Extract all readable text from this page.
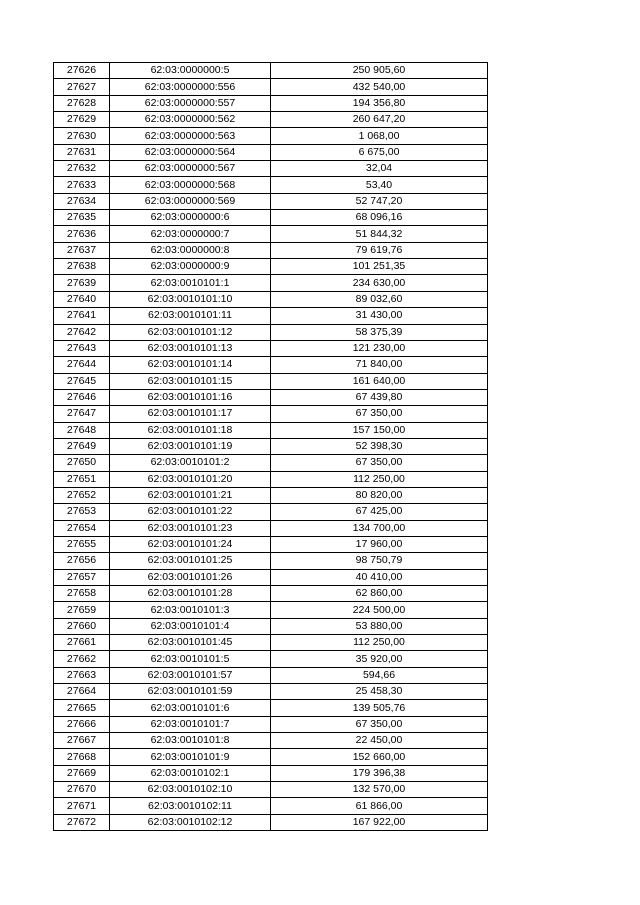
27626	62:03:0000000:5	250 905,60
27627	62:03:0000000:556	432 540,00
27628	62:03:0000000:557	194 356,80
27629	62:03:0000000:562	260 647,20
27630	62:03:0000000:563	1 068,00
27631	62:03:0000000:564	6 675,00
27632	62:03:0000000:567	32,04
27633	62:03:0000000:568	53,40
27634	62:03:0000000:569	52 747,20
27635	62:03:0000000:6	68 096,16
27636	62:03:0000000:7	51 844,32
27637	62:03:0000000:8	79 619,76
27638	62:03:0000000:9	101 251,35
27639	62:03:0010101:1	234 630,00
27640	62:03:0010101:10	89 032,60
27641	62:03:0010101:11	31 430,00
27642	62:03:0010101:12	58 375,39
27643	62:03:0010101:13	121 230,00
27644	62:03:0010101:14	71 840,00
27645	62:03:0010101:15	161 640,00
27646	62:03:0010101:16	67 439,80
27647	62:03:0010101:17	67 350,00
27648	62:03:0010101:18	157 150,00
27649	62:03:0010101:19	52 398,30
27650	62:03:0010101:2	67 350,00
27651	62:03:0010101:20	112 250,00
27652	62:03:0010101:21	80 820,00
27653	62:03:0010101:22	67 425,00
27654	62:03:0010101:23	134 700,00
27655	62:03:0010101:24	17 960,00
27656	62:03:0010101:25	98 750,79
27657	62:03:0010101:26	40 410,00
27658	62:03:0010101:28	62 860,00
27659	62:03:0010101:3	224 500,00
27660	62:03:0010101:4	53 880,00
27661	62:03:0010101:45	112 250,00
27662	62:03:0010101:5	35 920,00
27663	62:03:0010101:57	594,66
27664	62:03:0010101:59	25 458,30
27665	62:03:0010101:6	139 505,76
27666	62:03:0010101:7	67 350,00
27667	62:03:0010101:8	22 450,00
27668	62:03:0010101:9	152 660,00
27669	62:03:0010102:1	179 396,38
27670	62:03:0010102:10	132 570,00
27671	62:03:0010102:11	61 866,00
27672	62:03:0010102:12	167 922,00
